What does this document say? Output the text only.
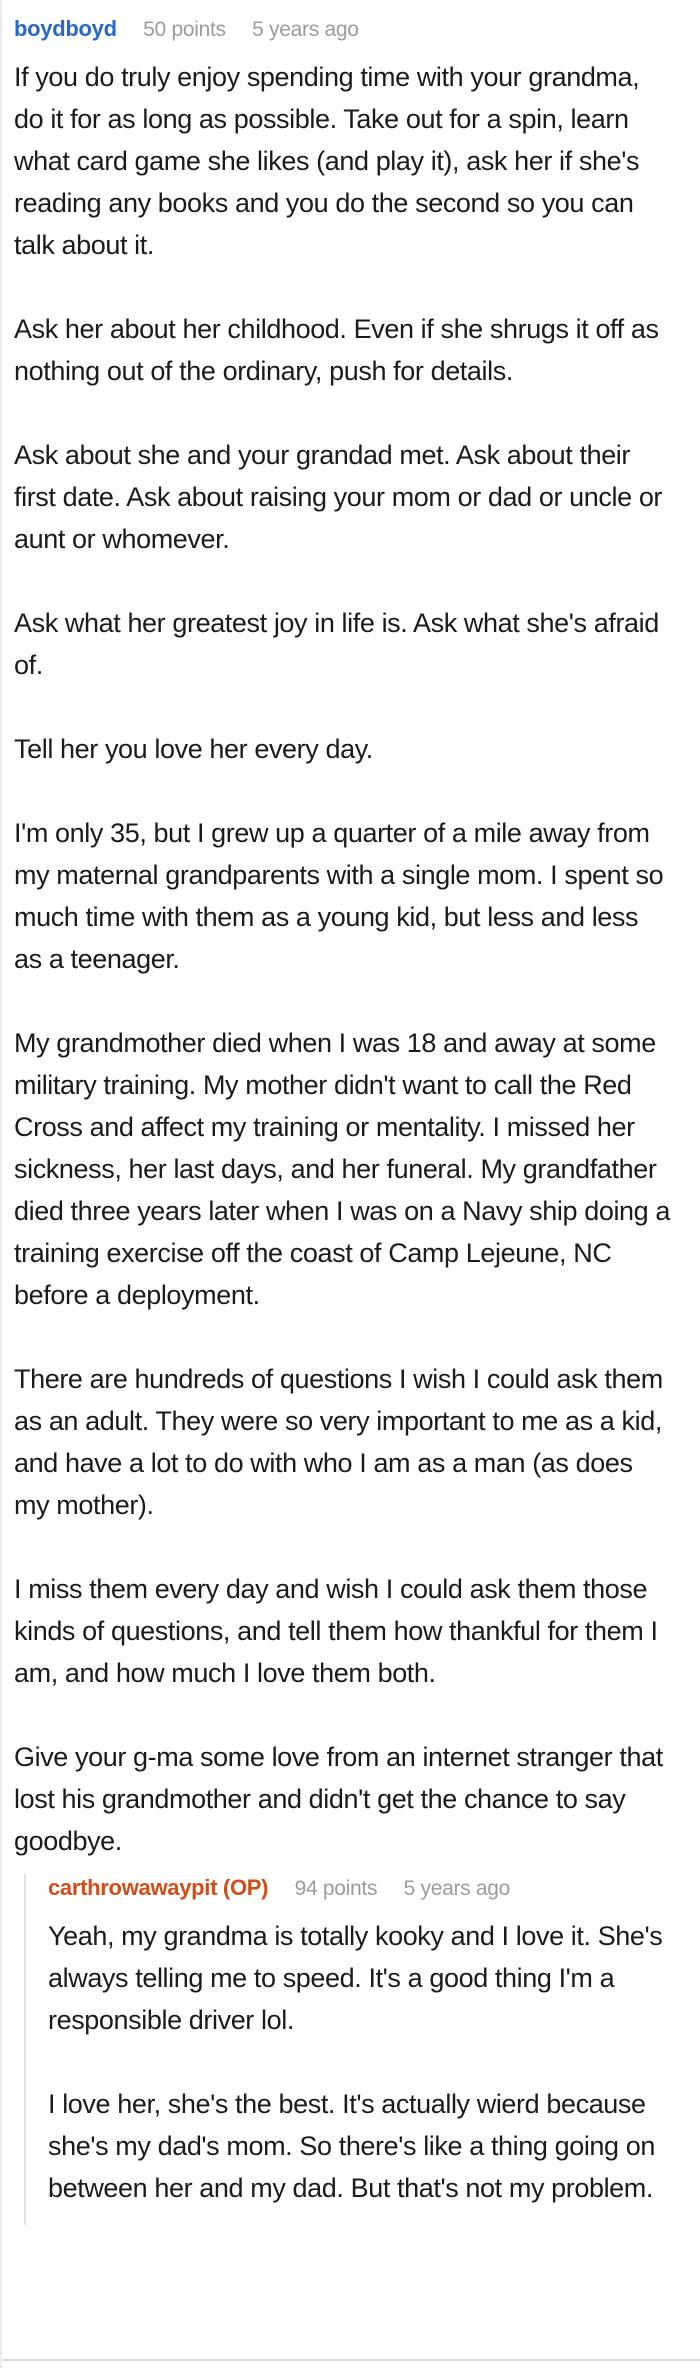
boydboyd 50 points 5 years ago

If you do truly enjoy spending time with your grandma, do it for as long as possible. Take out for a spin, learn what card game she likes (and play it), ask her if she's reading any books and you do the second so you can talk about it.

Ask her about her childhood. Even if she shrugs it off as nothing out of the ordinary, push for details.

Ask about she and your grandad met. Ask about their first date. Ask about raising your mom or dad or uncle or aunt or whomever.

Ask what her greatest joy in life is. Ask what she's afraid of.

Tell her you love her every day.

I'm only 35, but I grew up a quarter of a mile away from my maternal grandparents with a single mom. I spent so much time with them as a young kid, but less and less as a teenager.

My grandmother died when I was 18 and away at some military training. My mother didn't want to call the Red Cross and affect my training or mentality. I missed her sickness, her last days, and her funeral. My grandfather died three years later when I was on a Navy ship doing a training exercise off the coast of Camp Lejeune, NC before a deployment.

There are hundreds of questions I wish I could ask them as an adult. They were so very important to me as a kid, and have a lot to do with who I am as a man (as does my mother).

I miss them every day and wish I could ask them those kinds of questions, and tell them how thankful for them I am, and how much I love them both.

Give your g-ma some love from an internet stranger that lost his grandmother and didn't get the chance to say goodbye.

carthrowawaypit (OP) 94 points 5 years ago

Yeah, my grandma is totally kooky and I love it. She's always telling me to speed. It's a good thing I'm a responsible driver lol.

I love her, she's the best. It's actually wierd because she's my dad's mom. So there's like a thing going on between her and my dad. But that's not my problem.
